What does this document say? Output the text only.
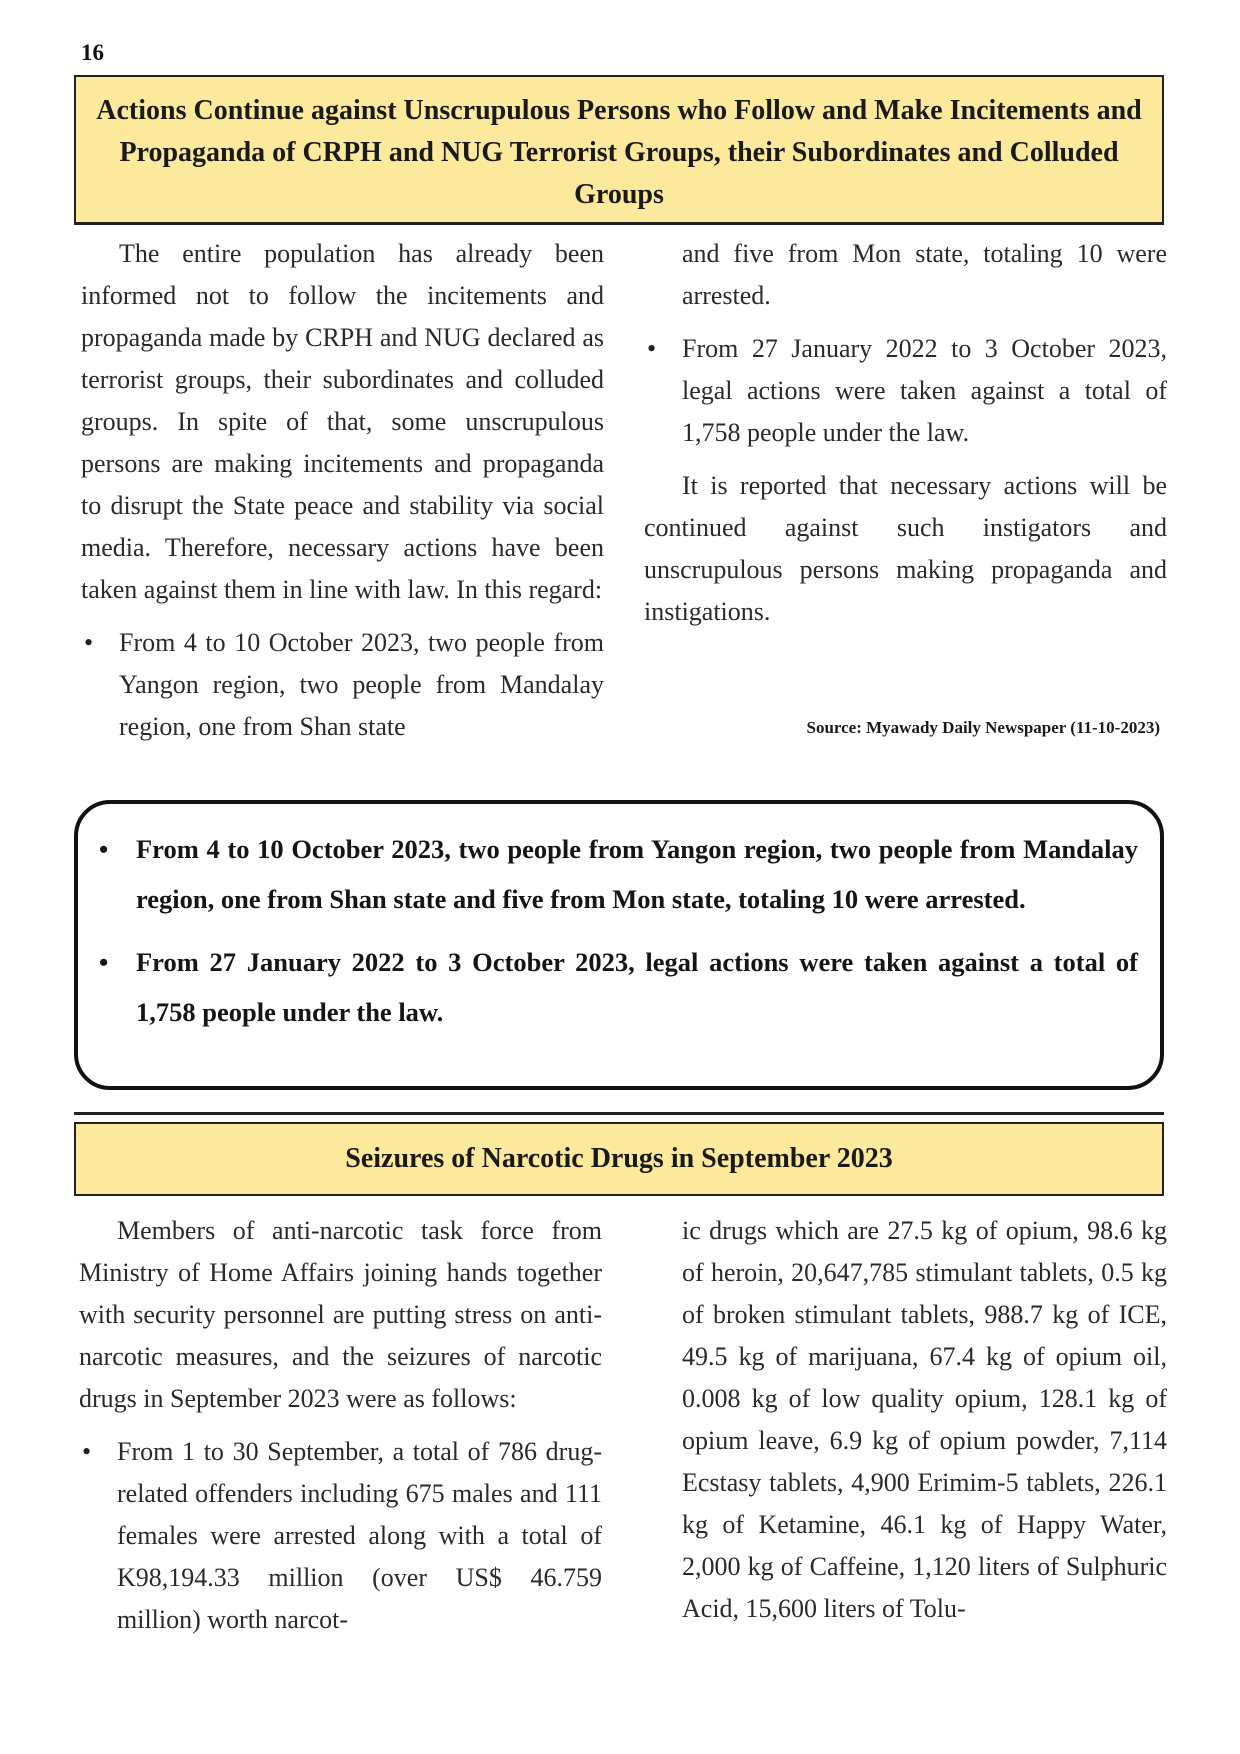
16
Actions Continue against Unscrupulous Persons who Follow and Make Incitements and Propaganda of CRPH and NUG Terrorist Groups, their Subordinates and Colluded Groups

The entire population has already been informed not to follow the incitements and propaganda made by CRPH and NUG declared as terrorist groups, their subordinates and colluded groups. In spite of that, some unscrupulous persons are making incitements and propaganda to disrupt the State peace and stability via social media. Therefore, necessary actions have been taken against them in line with law. In this regard:

• From 4 to 10 October 2023, two people from Yangon region, two people from Mandalay region, one from Shan state

and five from Mon state, totaling 10 were arrested.

• From 27 January 2022 to 3 October 2023, legal actions were taken against a total of 1,758 people under the law.

It is reported that necessary actions will be continued against such instigators and unscrupulous persons making propaganda and instigations.

Source: Myawady Daily Newspaper (11-10-2023)

• From 4 to 10 October 2023, two people from Yangon region, two people from Mandalay region, one from Shan state and five from Mon state, totaling 10 were arrested.

• From 27 January 2022 to 3 October 2023, legal actions were taken against a total of 1,758 people under the law.

Seizures of Narcotic Drugs in September 2023

Members of anti-narcotic task force from Ministry of Home Affairs joining hands together with security personnel are putting stress on anti-narcotic measures, and the seizures of narcotic drugs in September 2023 were as follows:

• From 1 to 30 September, a total of 786 drug-related offenders including 675 males and 111 females were arrested along with a total of K98,194.33 million (over US$ 46.759 million) worth narcot-

ic drugs which are 27.5 kg of opium, 98.6 kg of heroin, 20,647,785 stimulant tablets, 0.5 kg of broken stimulant tablets, 988.7 kg of ICE, 49.5 kg of marijuana, 67.4 kg of opium oil, 0.008 kg of low quality opium, 128.1 kg of opium leave, 6.9 kg of opium powder, 7,114 Ecstasy tablets, 4,900 Erimim-5 tablets, 226.1 kg of Ketamine, 46.1 kg of Happy Water, 2,000 kg of Caffeine, 1,120 liters of Sulphuric Acid, 15,600 liters of Tolu-
